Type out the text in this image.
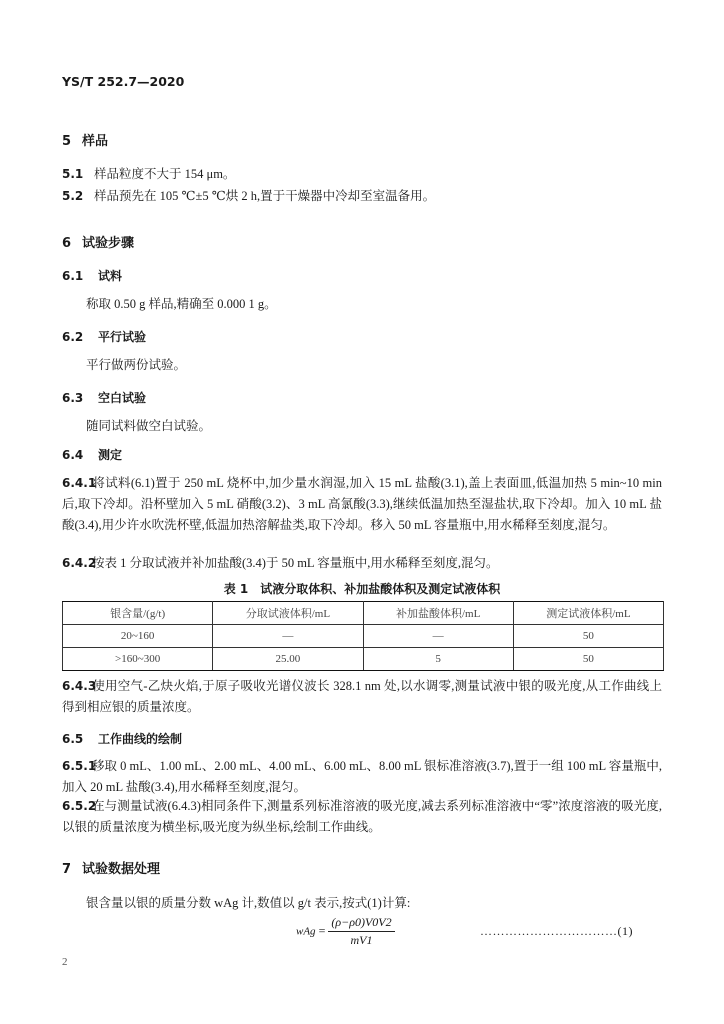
YS/T 252.7—2020
5 样品
5.1 样品粒度不大于 154 μm。
5.2 样品预先在 105 ℃±5 ℃烘 2 h,置于干燥器中冷却至室温备用。
6 试验步骤
6.1 试料
称取 0.50 g 样品,精确至 0.000 1 g。
6.2 平行试验
平行做两份试验。
6.3 空白试验
随同试料做空白试验。
6.4 测定
6.4.1将试料(6.1)置于 250 mL 烧杯中,加少量水润湿,加入 15 mL 盐酸(3.1),盖上表面皿,低温加热 5 min~10 min 后,取下冷却。沿杯壁加入 5 mL 硝酸(3.2)、3 mL 高氯酸(3.3),继续低温加热至湿盐状,取下冷却。加入 10 mL 盐酸(3.4),用少许水吹洗杯壁,低温加热溶解盐类,取下冷却。移入 50 mL 容量瓶中,用水稀释至刻度,混匀。
6.4.2按表 1 分取试液并补加盐酸(3.4)于 50 mL 容量瓶中,用水稀释至刻度,混匀。
表 1　试液分取体积、补加盐酸体积及测定试液体积
银含量/(g/t)	分取试液体积/mL	补加盐酸体积/mL	测定试液体积/mL
20~160	—	—	50
>160~300	25.00	5	50
6.4.3使用空气-乙炔火焰,于原子吸收光谱仪波长 328.1 nm 处,以水调零,测量试液中银的吸光度,从工作曲线上得到相应银的质量浓度。
6.5 工作曲线的绘制
6.5.1移取 0 mL、1.00 mL、2.00 mL、4.00 mL、6.00 mL、8.00 mL 银标准溶液(3.7),置于一组 100 mL 容量瓶中,加入 20 mL 盐酸(3.4),用水稀释至刻度,混匀。
6.5.2在与测量试液(6.4.3)相同条件下,测量系列标准溶液的吸光度,减去系列标准溶液中“零”浓度溶液的吸光度,以银的质量浓度为横坐标,吸光度为纵坐标,绘制工作曲线。
7 试验数据处理
银含量以银的质量分数 wAg 计,数值以 g/t 表示,按式(1)计算:
wAg = $\frac{(\rho-\rho 0)V0V2}{mV1}$	……………………………(1)
2
